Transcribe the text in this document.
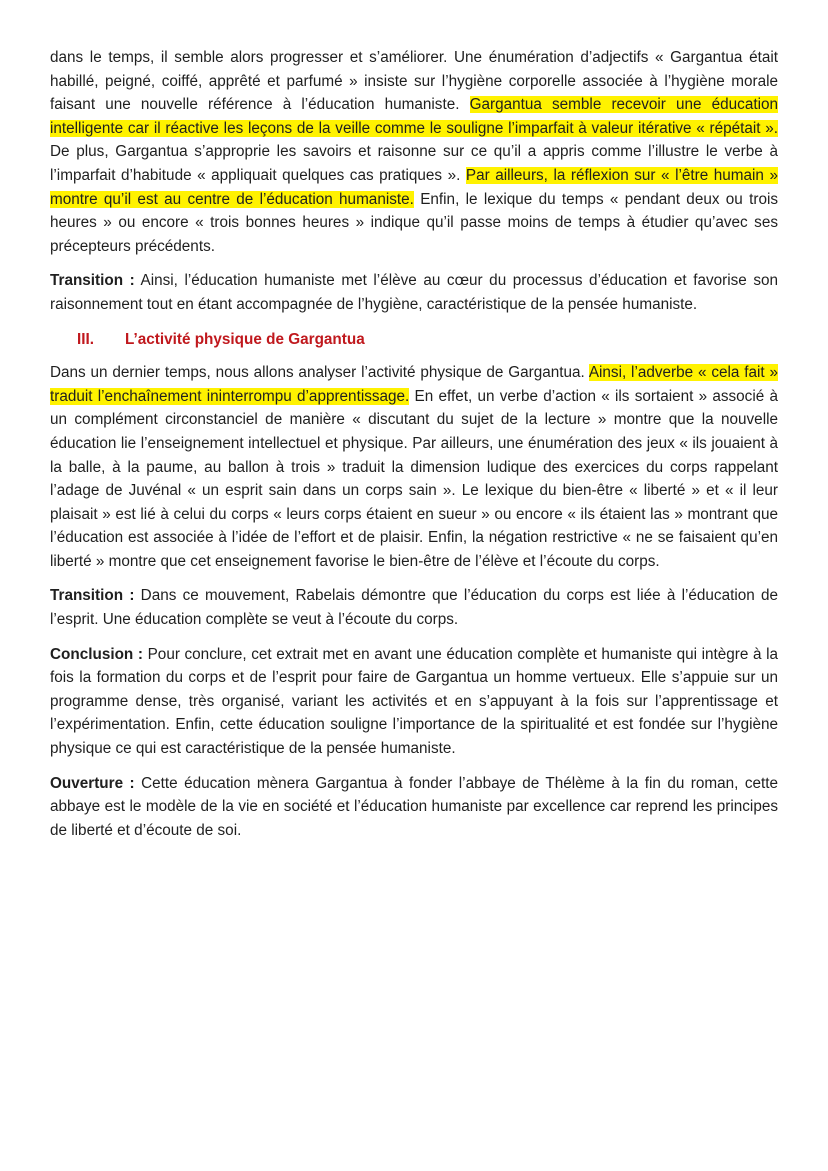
dans le temps, il semble alors progresser et s’améliorer. Une énumération d’adjectifs « Gargantua était habillé, peigné, coiffé, apprêté et parfumé » insiste sur l’hygiène corporelle associée à l’hygiène morale faisant une nouvelle référence à l’éducation humaniste. Gargantua semble recevoir une éducation intelligente car il réactive les leçons de la veille comme le souligne l’imparfait à valeur itérative « répétait ». De plus, Gargantua s’approprie les savoirs et raisonne sur ce qu’il a appris comme l’illustre le verbe à l’imparfait d’habitude « appliquait quelques cas pratiques ». Par ailleurs, la réflexion sur « l’être humain » montre qu’il est au centre de l’éducation humaniste. Enfin, le lexique du temps « pendant deux ou trois heures » ou encore « trois bonnes heures » indique qu’il passe moins de temps à étudier qu’avec ses précepteurs précédents.

Transition : Ainsi, l’éducation humaniste met l’élève au cœur du processus d’éducation et favorise son raisonnement tout en étant accompagnée de l’hygiène, caractéristique de la pensée humaniste.

III. L’activité physique de Gargantua

Dans un dernier temps, nous allons analyser l’activité physique de Gargantua. Ainsi, l’adverbe « cela fait » traduit l’enchaînement ininterrompu d’apprentissage. En effet, un verbe d’action « ils sortaient » associé à un complément circonstanciel de manière « discutant du sujet de la lecture » montre que la nouvelle éducation lie l’enseignement intellectuel et physique. Par ailleurs, une énumération des jeux « ils jouaient à la balle, à la paume, au ballon à trois » traduit la dimension ludique des exercices du corps rappelant l’adage de Juvénal « un esprit sain dans un corps sain ». Le lexique du bien-être « liberté » et « il leur plaisait » est lié à celui du corps « leurs corps étaient en sueur » ou encore « ils étaient las » montrant que l’éducation est associée à l’idée de l’effort et de plaisir. Enfin, la négation restrictive « ne se faisaient qu’en liberté » montre que cet enseignement favorise le bien-être de l’élève et l’écoute du corps.

Transition : Dans ce mouvement, Rabelais démontre que l’éducation du corps est liée à l’éducation de l’esprit. Une éducation complète se veut à l’écoute du corps.

Conclusion : Pour conclure, cet extrait met en avant une éducation complète et humaniste qui intègre à la fois la formation du corps et de l’esprit pour faire de Gargantua un homme vertueux. Elle s’appuie sur un programme dense, très organisé, variant les activités et en s’appuyant à la fois sur l’apprentissage et l’expérimentation. Enfin, cette éducation souligne l’importance de la spiritualité et est fondée sur l’hygiène physique ce qui est caractéristique de la pensée humaniste.

Ouverture : Cette éducation mènera Gargantua à fonder l’abbaye de Thélème à la fin du roman, cette abbaye est le modèle de la vie en société et l’éducation humaniste par excellence car reprend les principes de liberté et d’écoute de soi.
